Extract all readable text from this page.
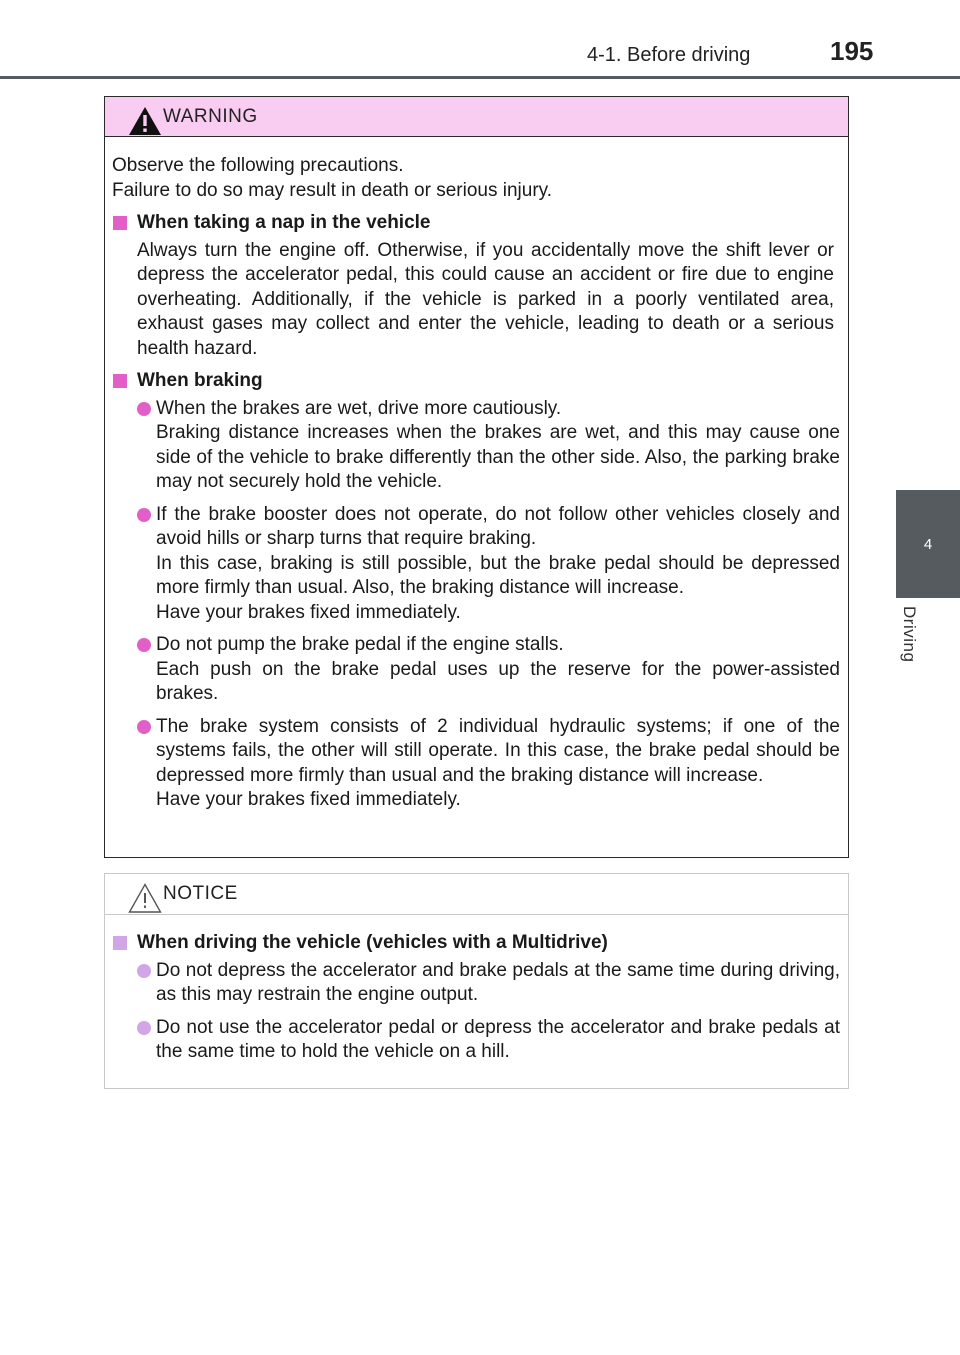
4-1. Before driving	195
4
Driving
WARNING

Observe the following precautions.

Failure to do so may result in death or serious injury.

When taking a nap in the vehicle
Always turn the engine off. Otherwise, if you accidentally move the shift lever or depress the accelerator pedal, this could cause an accident or fire due to engine overheating. Additionally, if the vehicle is parked in a poorly ventilated area, exhaust gases may collect and enter the vehicle, leading to death or a serious health hazard.
When braking

When the brakes are wet, drive more cautiously.

Braking distance increases when the brakes are wet, and this may cause one side of the vehicle to brake differently than the other side. Also, the parking brake may not securely hold the vehicle.

If the brake booster does not operate, do not follow other vehicles closely and avoid hills or sharp turns that require braking.

In this case, braking is still possible, but the brake pedal should be depressed more firmly than usual. Also, the braking distance will increase.

Have your brakes fixed immediately.

Do not pump the brake pedal if the engine stalls.

Each push on the brake pedal uses up the reserve for the power-assisted brakes.

The brake system consists of 2 individual hydraulic systems; if one of the systems fails, the other will still operate. In this case, the brake pedal should be depressed more firmly than usual and the braking distance will increase.

Have your brakes fixed immediately.

NOTICE
When driving the vehicle (vehicles with a Multidrive)

Do not depress the accelerator and brake pedals at the same time during driving, as this may restrain the engine output.

Do not use the accelerator pedal or depress the accelerator and brake pedals at the same time to hold the vehicle on a hill.
